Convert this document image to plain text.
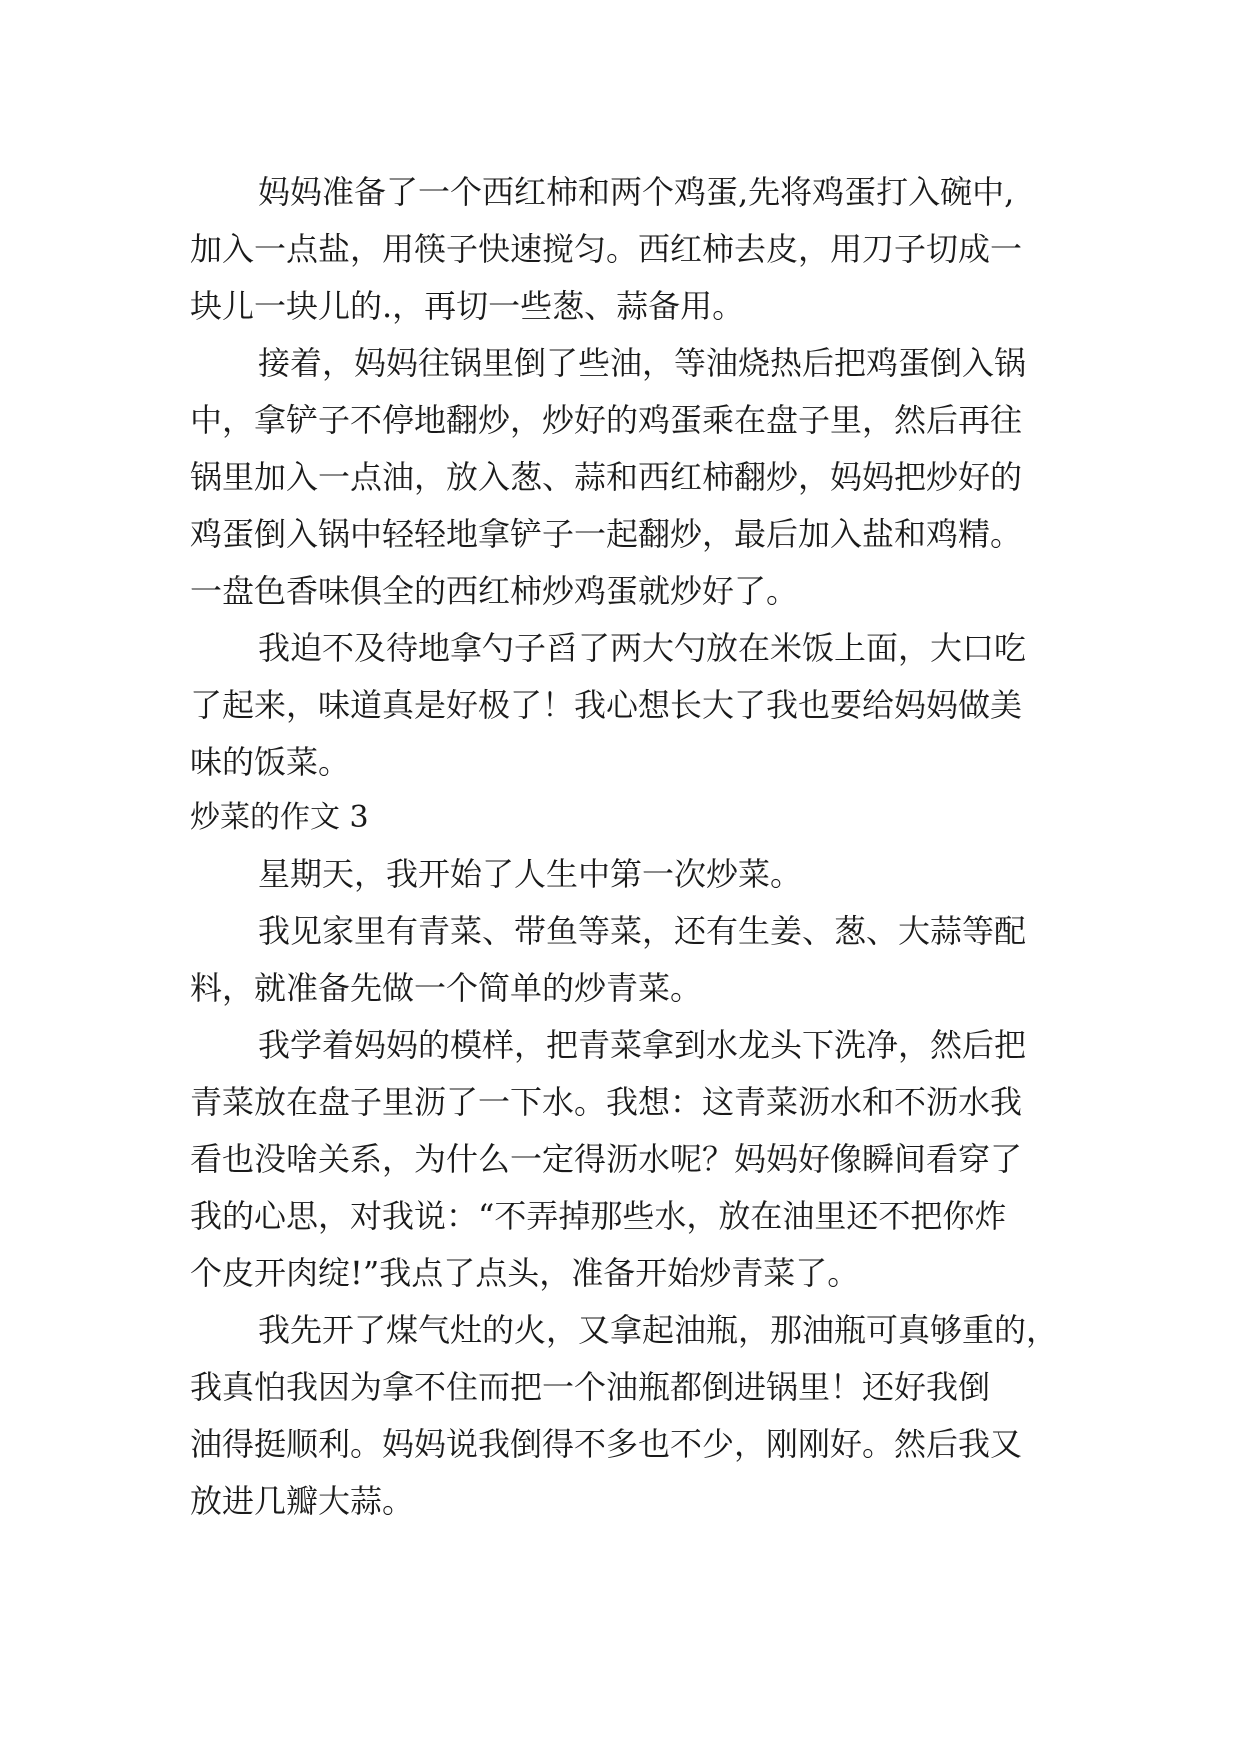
妈妈准备了一个西红柿和两个鸡蛋,先将鸡蛋打入碗中,

加入一点盐，用筷子快速搅匀。西红柿去皮，用刀子切成一

块儿一块儿的.，再切一些葱、蒜备用。

接着，妈妈往锅里倒了些油，等油烧热后把鸡蛋倒入锅

中，拿铲子不停地翻炒，炒好的鸡蛋乘在盘子里，然后再往

锅里加入一点油，放入葱、蒜和西红柿翻炒，妈妈把炒好的

鸡蛋倒入锅中轻轻地拿铲子一起翻炒，最后加入盐和鸡精。

一盘色香味俱全的西红柿炒鸡蛋就炒好了。

我迫不及待地拿勺子舀了两大勺放在米饭上面，大口吃

了起来，味道真是好极了！我心想长大了我也要给妈妈做美

味的饭菜。

炒菜的作文 3

星期天，我开始了人生中第一次炒菜。

我见家里有青菜、带鱼等菜，还有生姜、葱、大蒜等配

料，就准备先做一个简单的炒青菜。

我学着妈妈的模样，把青菜拿到水龙头下洗净，然后把

青菜放在盘子里沥了一下水。我想：这青菜沥水和不沥水我

看也没啥关系，为什么一定得沥水呢？妈妈好像瞬间看穿了

我的心思，对我说：“不弄掉那些水，放在油里还不把你炸

个皮开肉绽!”我点了点头，准备开始炒青菜了。

我先开了煤气灶的火，又拿起油瓶，那油瓶可真够重的，

我真怕我因为拿不住而把一个油瓶都倒进锅里！还好我倒

油得挺顺利。妈妈说我倒得不多也不少，刚刚好。然后我又

放进几瓣大蒜。
